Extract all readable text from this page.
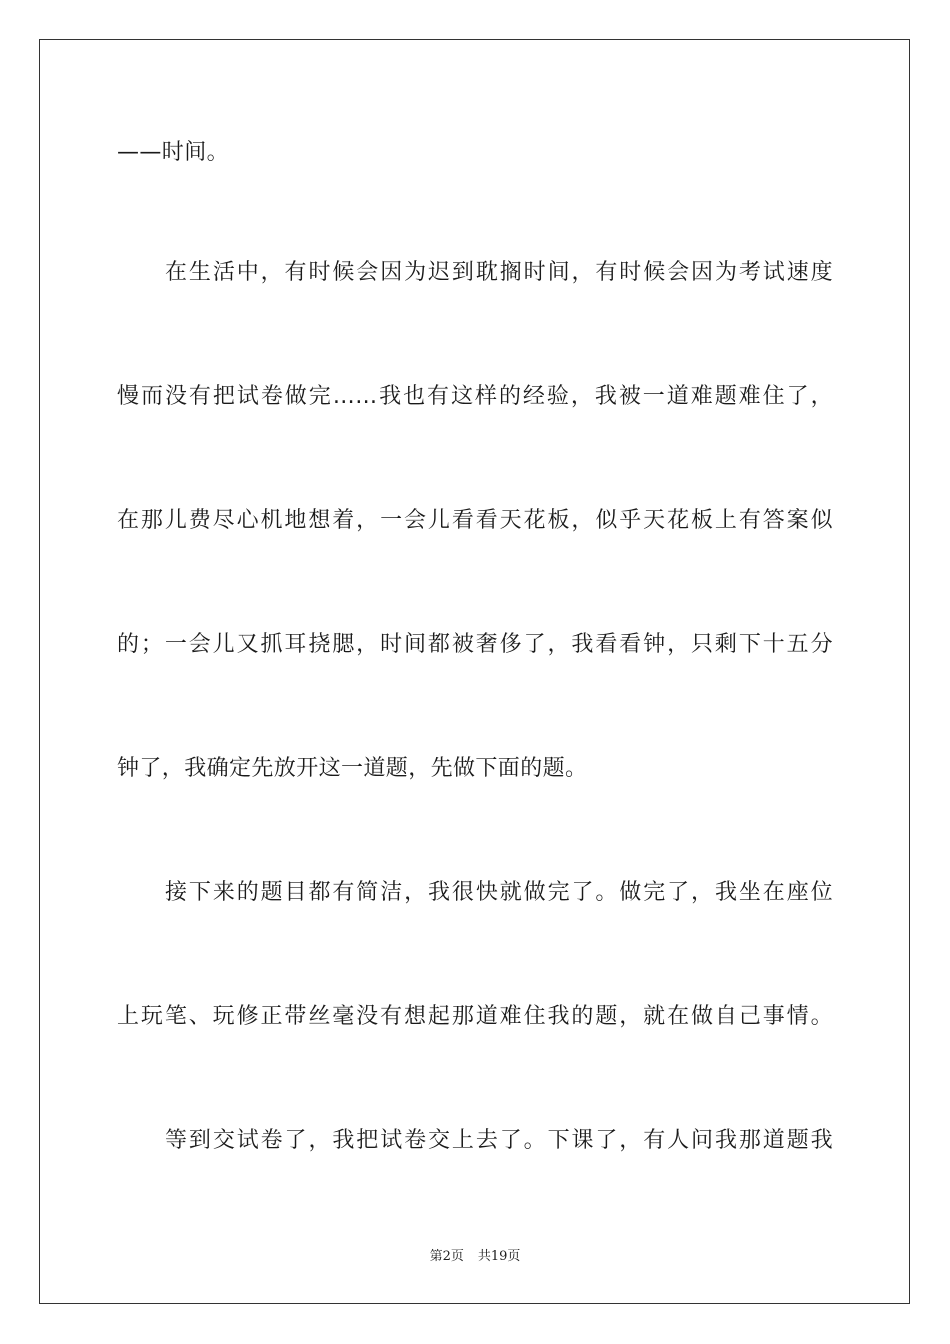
——时间。
在生活中，有时候会因为迟到耽搁时间，有时候会因为考试速度
慢而没有把试卷做完……我也有这样的经验，我被一道难题难住了，
在那儿费尽心机地想着，一会儿看看天花板，似乎天花板上有答案似
的；一会儿又抓耳挠腮，时间都被奢侈了，我看看钟，只剩下十五分
钟了，我确定先放开这一道题，先做下面的题。
接下来的题目都有简洁，我很快就做完了。做完了，我坐在座位
上玩笔、玩修正带丝毫没有想起那道难住我的题，就在做自己事情。
等到交试卷了，我把试卷交上去了。下课了，有人问我那道题我
第2页 共19页
